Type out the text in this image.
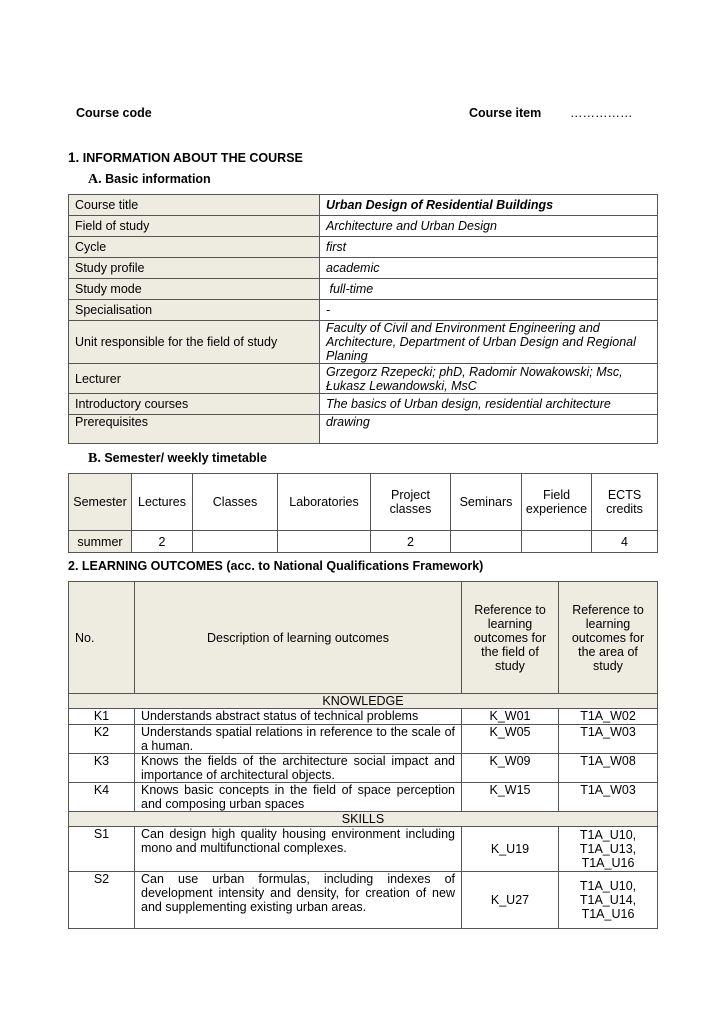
Course code	Course item ……………
1. INFORMATION ABOUT THE COURSE
A. Basic information
Course title	Urban Design of Residential Buildings
Field of study	Architecture and Urban Design
Cycle	first
Study profile	academic
Study mode	full-time
Specialisation	-
Unit responsible for the field of study	Faculty of Civil and Environment Engineering and Architecture, Department of Urban Design and Regional Planing
Lecturer	Grzegorz Rzepecki; phD, Radomir Nowakowski; Msc, Łukasz Lewandowski, MsC
Introductory courses	The basics of Urban design, residential architecture
Prerequisites	drawing
B. Semester/ weekly timetable
Semester	Lectures	Classes	Laboratories	Project classes	Seminars	Field experience	ECTS credits
summer	2			2			4
2. LEARNING OUTCOMES (acc. to National Qualifications Framework)
No.	Description of learning outcomes	Reference to learning outcomes for the field of study	Reference to learning outcomes for the area of study
KNOWLEDGE			
K1	Understands abstract status of technical problems	K_W01	T1A_W02
K2	Understands spatial relations in reference to the scale of a human.	K_W05	T1A_W03
K3	Knows the fields of the architecture social impact and importance of architectural objects.	K_W09	T1A_W08
K4	Knows basic concepts in the field of space perception and composing urban spaces	K_W15	T1A_W03
SKILLS			
S1	Can design high quality housing environment including mono and multifunctional complexes.	K_U19	T1A_U10, T1A_U13, T1A_U16
S2	Can use urban formulas, including indexes of development intensity and density, for creation of new and supplementing existing urban areas.	K_U27	T1A_U10, T1A_U14, T1A_U16
